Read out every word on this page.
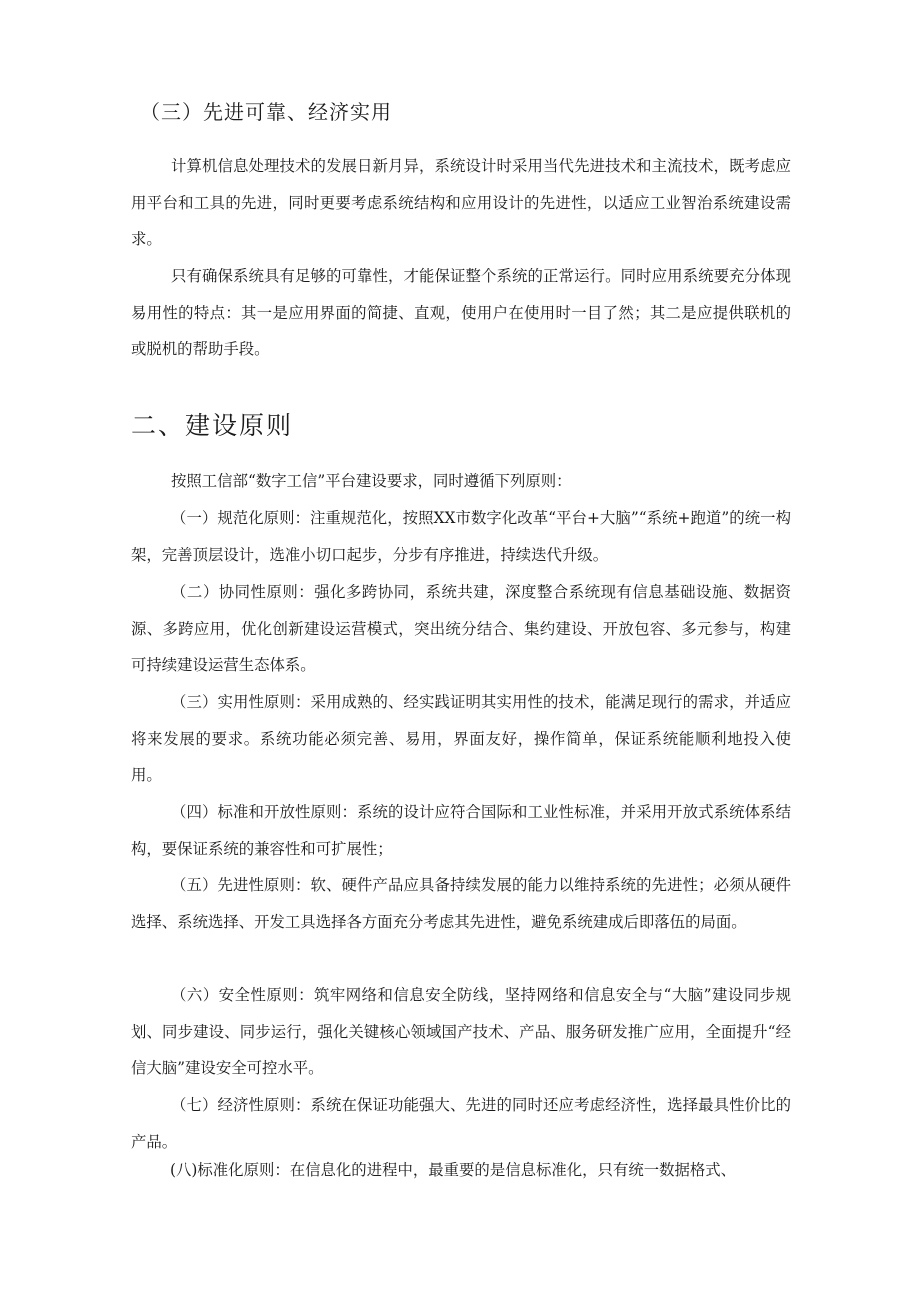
（三）先进可靠、经济实用

计算机信息处理技术的发展日新月异，系统设计时采用当代先进技术和主流技术，既考虑应用平台和工具的先进，同时更要考虑系统结构和应用设计的先进性，以适应工业智治系统建设需求。

只有确保系统具有足够的可靠性，才能保证整个系统的正常运行。同时应用系统要充分体现易用性的特点：其一是应用界面的简捷、直观，使用户在使用时一目了然；其二是应提供联机的或脱机的帮助手段。

二、建设原则

按照工信部“数字工信”平台建设要求，同时遵循下列原则：

（一）规范化原则：注重规范化，按照XX市数字化改革“平台+大脑”“系统+跑道”的统一构架，完善顶层设计，选准小切口起步，分步有序推进，持续迭代升级。

（二）协同性原则：强化多跨协同，系统共建，深度整合系统现有信息基础设施、数据资源、多跨应用，优化创新建设运营模式，突出统分结合、集约建设、开放包容、多元参与，构建可持续建设运营生态体系。

（三）实用性原则：采用成熟的、经实践证明其实用性的技术，能满足现行的需求，并适应将来发展的要求。系统功能必须完善、易用，界面友好，操作简单，保证系统能顺利地投入使用。

（四）标准和开放性原则：系统的设计应符合国际和工业性标准，并采用开放式系统体系结构，要保证系统的兼容性和可扩展性；

（五）先进性原则：软、硬件产品应具备持续发展的能力以维持系统的先进性；必须从硬件选择、系统选择、开发工具选择各方面充分考虑其先进性，避免系统建成后即落伍的局面。

（六）安全性原则：筑牢网络和信息安全防线，坚持网络和信息安全与“大脑”建设同步规划、同步建设、同步运行，强化关键核心领域国产技术、产品、服务研发推广应用，全面提升“经信大脑”建设安全可控水平。

（七）经济性原则：系统在保证功能强大、先进的同时还应考虑经济性，选择最具性价比的产品。

(八)标准化原则：在信息化的进程中，最重要的是信息标准化，只有统一数据格式、
